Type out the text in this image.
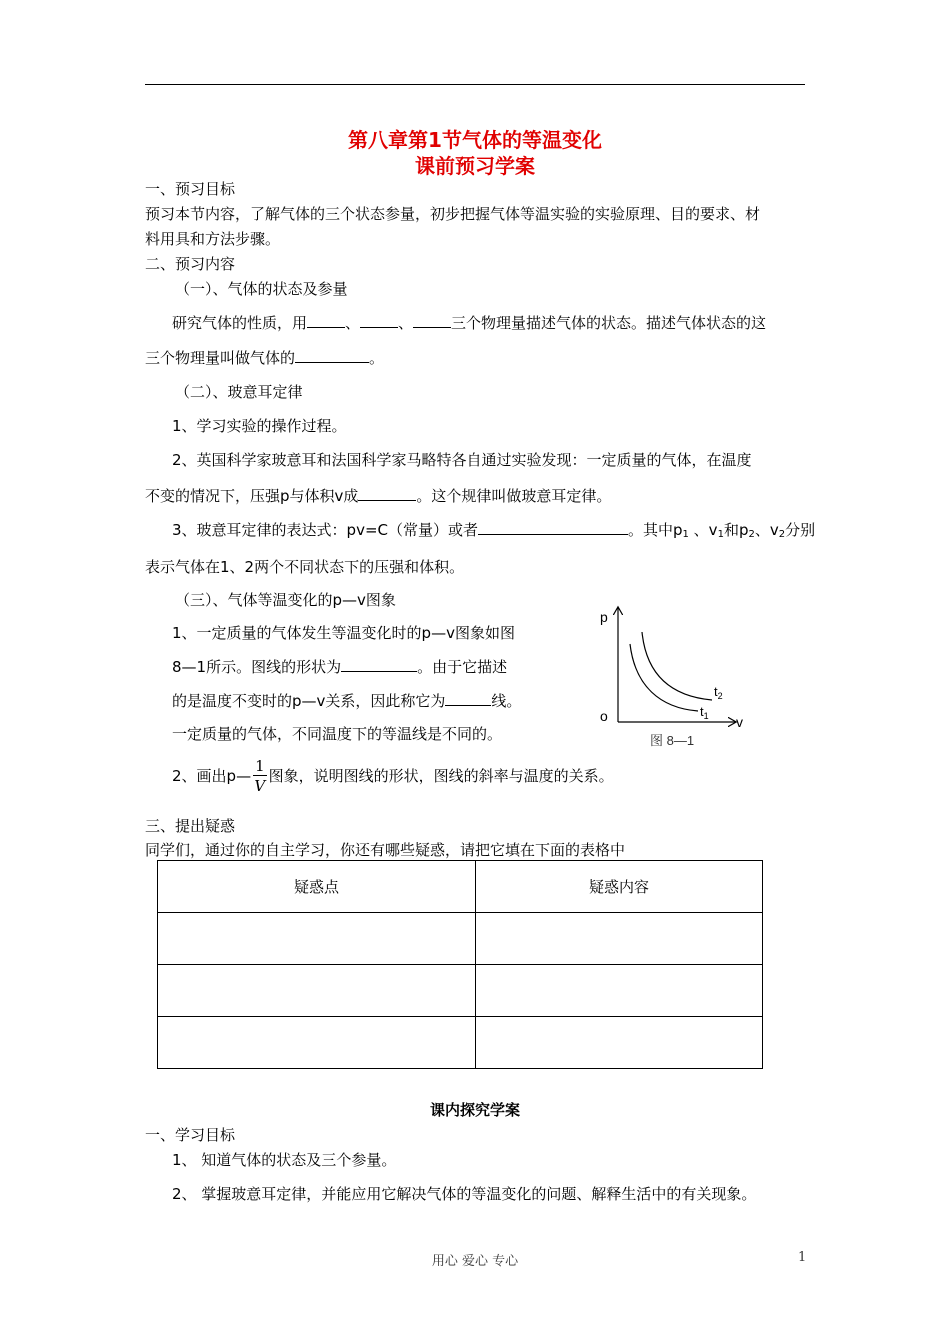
第八章第1节气体的等温变化
课前预习学案
一、预习目标
预习本节内容，了解气体的三个状态参量，初步把握气体等温实验的实验原理、目的要求、材
料用具和方法步骤。
二、预习内容
（一）、气体的状态及参量
研究气体的性质，用	、	、	三个物理量描述气体的状态。描述气体状态的这
三个物理量叫做气体的	。
（二）、玻意耳定律
1、学习实验的操作过程。
2、英国科学家玻意耳和法国科学家马略特各自通过实验发现：一定质量的气体，在温度
不变的情况下，压强p与体积v成	。这个规律叫做玻意耳定律。
3、玻意耳定律的表达式：pv=C（常量）或者	。其中$p_1$ 、$v_1$和$p_2$、$v_2$分别
表示气体在1、2两个不同状态下的压强和体积。
（三）、气体等温变化的p—v图象
1、一定质量的气体发生等温变化时的p—v图象如图
8—1所示。图线的形状为	。由于它描述
的是温度不变时的p—v关系，因此称它为	线。
一定质量的气体，不同温度下的等温线是不同的。
p
v
o
$t_2$
$t_1$
图 8—1
2、画出p— $\frac{1}{V}$ 图象，说明图线的形状，图线的斜率与温度的关系。
三、提出疑惑
同学们，通过你的自主学习，你还有哪些疑惑，请把它填在下面的表格中
疑惑点	疑惑内容

课内探究学案
一、学习目标
1、 知道气体的状态及三个参量。
2、 掌握玻意耳定律，并能应用它解决气体的等温变化的问题、解释生活中的有关现象。
用心 爱心 专心	1
